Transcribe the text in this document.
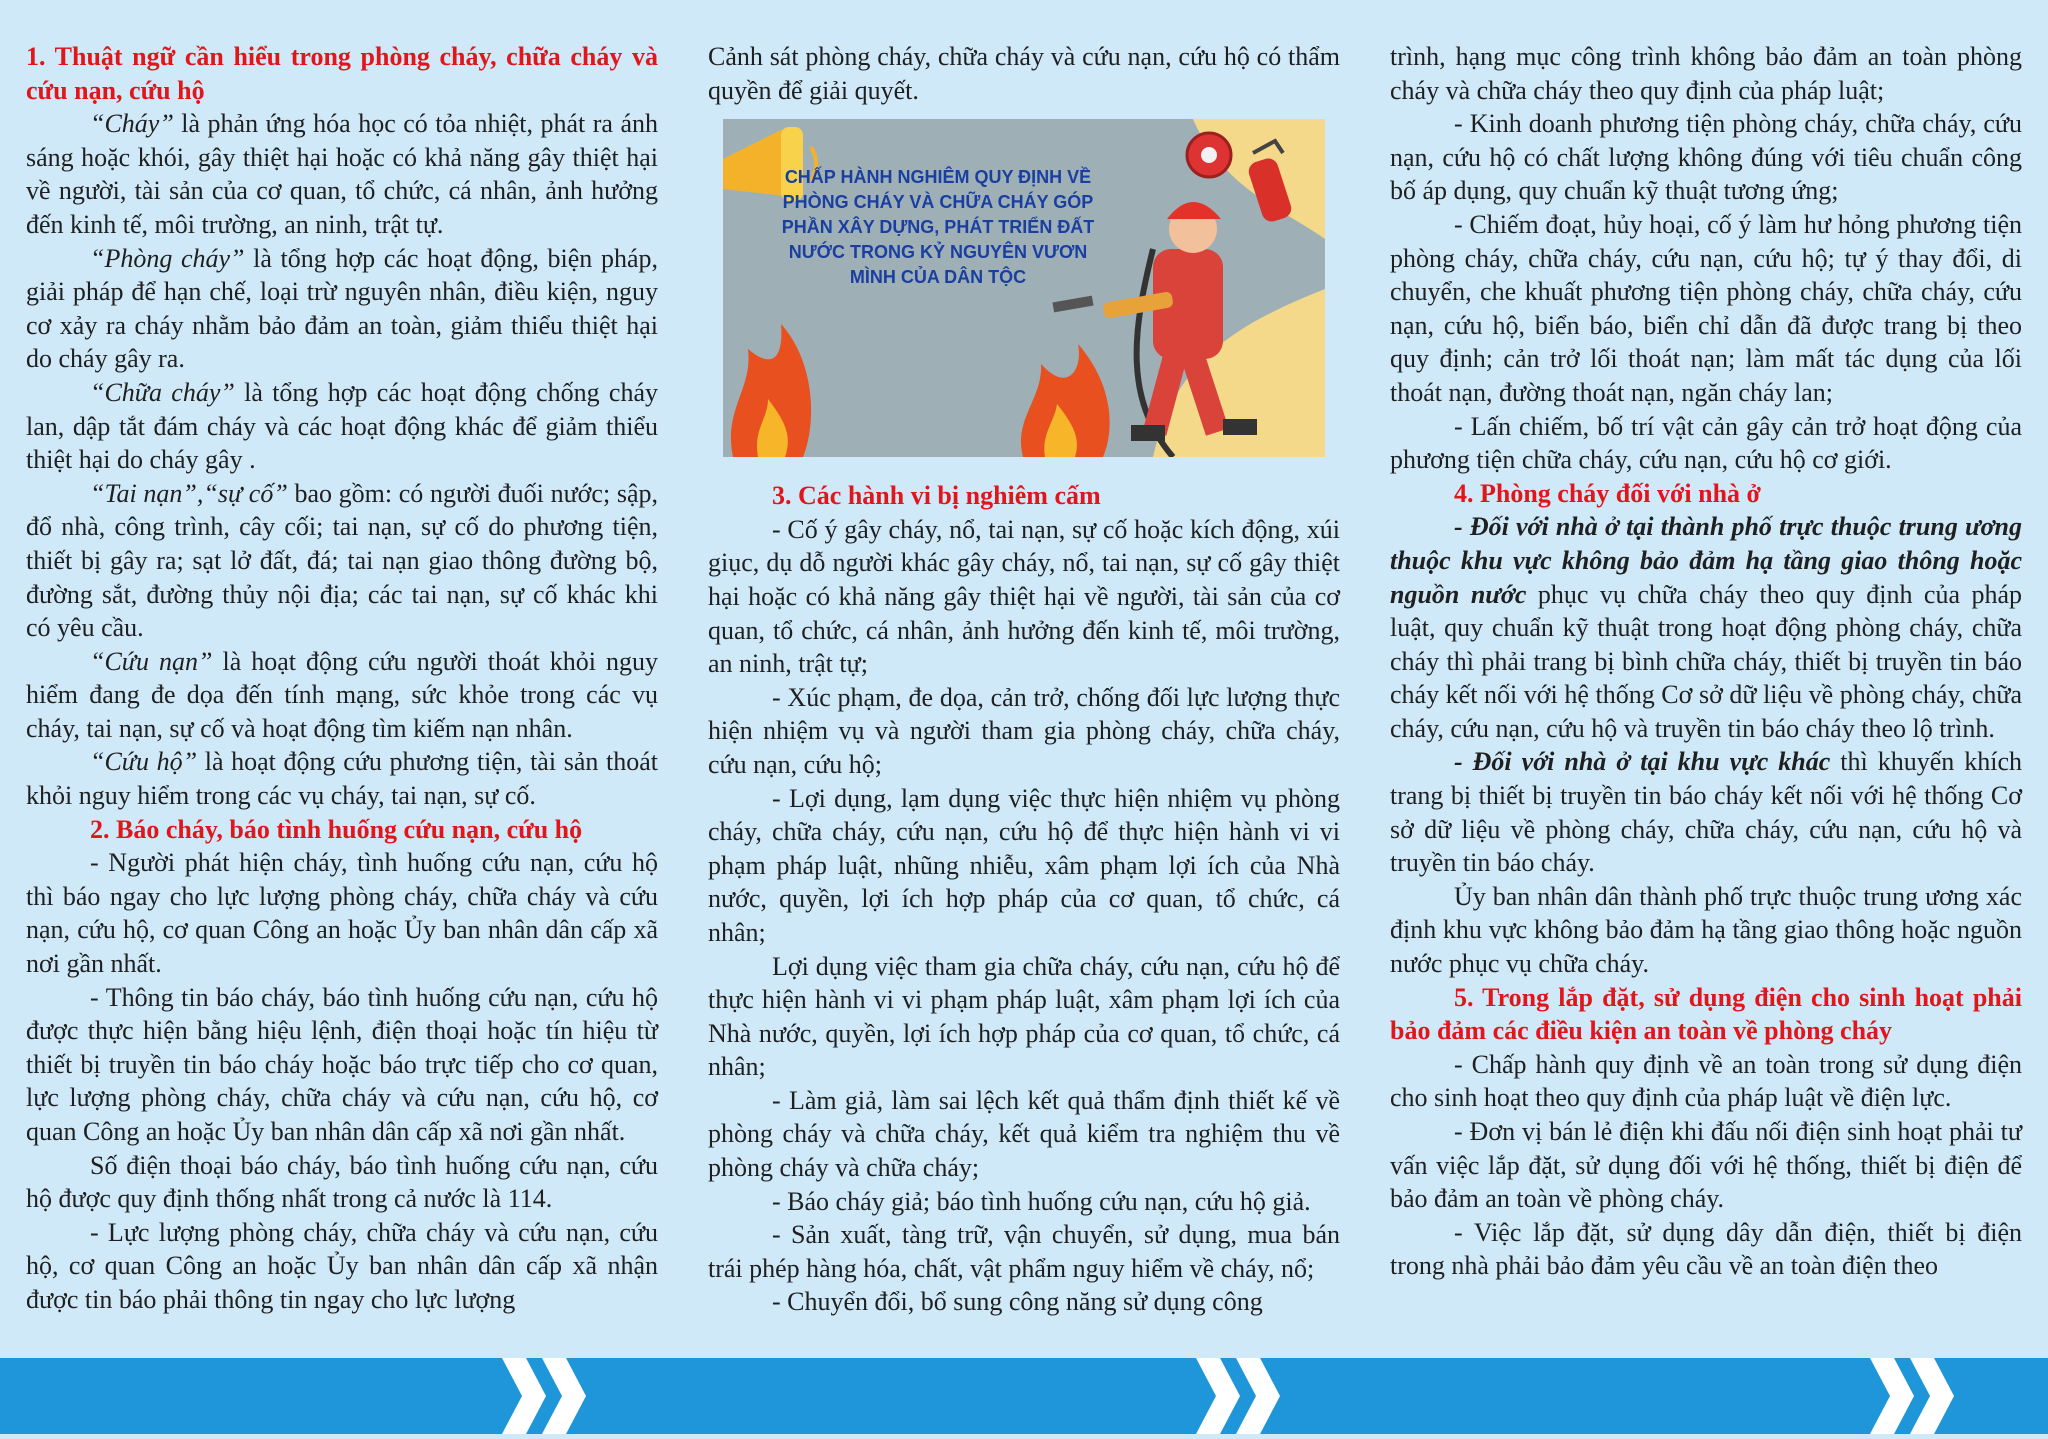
1. Thuật ngữ cần hiểu trong phòng cháy, chữa cháy và cứu nạn, cứu hộ

“Cháy” là phản ứng hóa học có tỏa nhiệt, phát ra ánh sáng hoặc khói, gây thiệt hại hoặc có khả năng gây thiệt hại về người, tài sản của cơ quan, tổ chức, cá nhân, ảnh hưởng đến kinh tế, môi trường, an ninh, trật tự.

“Phòng cháy” là tổng hợp các hoạt động, biện pháp, giải pháp để hạn chế, loại trừ nguyên nhân, điều kiện, nguy cơ xảy ra cháy nhằm bảo đảm an toàn, giảm thiểu thiệt hại do cháy gây ra.

“Chữa cháy” là tổng hợp các hoạt động chống cháy lan, dập tắt đám cháy và các hoạt động khác để giảm thiểu thiệt hại do cháy gây .

“Tai nạn”,“sự cố” bao gồm: có người đuối nước; sập, đổ nhà, công trình, cây cối; tai nạn, sự cố do phương tiện, thiết bị gây ra; sạt lở đất, đá; tai nạn giao thông đường bộ, đường sắt, đường thủy nội địa; các tai nạn, sự cố khác khi có yêu cầu.

“Cứu nạn” là hoạt động cứu người thoát khỏi nguy hiểm đang đe dọa đến tính mạng, sức khỏe trong các vụ cháy, tai nạn, sự cố và hoạt động tìm kiếm nạn nhân.

“Cứu hộ” là hoạt động cứu phương tiện, tài sản thoát khỏi nguy hiểm trong các vụ cháy, tai nạn, sự cố.

2. Báo cháy, báo tình huống cứu nạn, cứu hộ

- Người phát hiện cháy, tình huống cứu nạn, cứu hộ thì báo ngay cho lực lượng phòng cháy, chữa cháy và cứu nạn, cứu hộ, cơ quan Công an hoặc Ủy ban nhân dân cấp xã nơi gần nhất.

- Thông tin báo cháy, báo tình huống cứu nạn, cứu hộ được thực hiện bằng hiệu lệnh, điện thoại hoặc tín hiệu từ thiết bị truyền tin báo cháy hoặc báo trực tiếp cho cơ quan, lực lượng phòng cháy, chữa cháy và cứu nạn, cứu hộ, cơ quan Công an hoặc Ủy ban nhân dân cấp xã nơi gần nhất.

Số điện thoại báo cháy, báo tình huống cứu nạn, cứu hộ được quy định thống nhất trong cả nước là 114.

- Lực lượng phòng cháy, chữa cháy và cứu nạn, cứu hộ, cơ quan Công an hoặc Ủy ban nhân dân cấp xã nhận được tin báo phải thông tin ngay cho lực lượng

Cảnh sát phòng cháy, chữa cháy và cứu nạn, cứu hộ có thẩm quyền để giải quyết.

CHẤP HÀNH NGHIÊM QUY ĐỊNH VỀ PHÒNG CHÁY VÀ CHỮA CHÁY GÓP PHẦN XÂY DỰNG, PHÁT TRIỂN ĐẤT NƯỚC TRONG KỶ NGUYÊN VƯƠN MÌNH CỦA DÂN TỘC

3. Các hành vi bị nghiêm cấm

- Cố ý gây cháy, nổ, tai nạn, sự cố hoặc kích động, xúi giục, dụ dỗ người khác gây cháy, nổ, tai nạn, sự cố gây thiệt hại hoặc có khả năng gây thiệt hại về người, tài sản của cơ quan, tổ chức, cá nhân, ảnh hưởng đến kinh tế, môi trường, an ninh, trật tự;

- Xúc phạm, đe dọa, cản trở, chống đối lực lượng thực hiện nhiệm vụ và người tham gia phòng cháy, chữa cháy, cứu nạn, cứu hộ;

- Lợi dụng, lạm dụng việc thực hiện nhiệm vụ phòng cháy, chữa cháy, cứu nạn, cứu hộ để thực hiện hành vi vi phạm pháp luật, nhũng nhiễu, xâm phạm lợi ích của Nhà nước, quyền, lợi ích hợp pháp của cơ quan, tổ chức, cá nhân;

Lợi dụng việc tham gia chữa cháy, cứu nạn, cứu hộ để thực hiện hành vi vi phạm pháp luật, xâm phạm lợi ích của Nhà nước, quyền, lợi ích hợp pháp của cơ quan, tổ chức, cá nhân;

- Làm giả, làm sai lệch kết quả thẩm định thiết kế về phòng cháy và chữa cháy, kết quả kiểm tra nghiệm thu về phòng cháy và chữa cháy;

- Báo cháy giả; báo tình huống cứu nạn, cứu hộ giả.

- Sản xuất, tàng trữ, vận chuyển, sử dụng, mua bán trái phép hàng hóa, chất, vật phẩm nguy hiểm về cháy, nổ;

- Chuyển đổi, bổ sung công năng sử dụng công

trình, hạng mục công trình không bảo đảm an toàn phòng cháy và chữa cháy theo quy định của pháp luật;

- Kinh doanh phương tiện phòng cháy, chữa cháy, cứu nạn, cứu hộ có chất lượng không đúng với tiêu chuẩn công bố áp dụng, quy chuẩn kỹ thuật tương ứng;

- Chiếm đoạt, hủy hoại, cố ý làm hư hỏng phương tiện phòng cháy, chữa cháy, cứu nạn, cứu hộ; tự ý thay đổi, di chuyển, che khuất phương tiện phòng cháy, chữa cháy, cứu nạn, cứu hộ, biển báo, biển chỉ dẫn đã được trang bị theo quy định; cản trở lối thoát nạn; làm mất tác dụng của lối thoát nạn, đường thoát nạn, ngăn cháy lan;

- Lấn chiếm, bố trí vật cản gây cản trở hoạt động của phương tiện chữa cháy, cứu nạn, cứu hộ cơ giới.

4. Phòng cháy đối với nhà ở

- Đối với nhà ở tại thành phố trực thuộc trung ương thuộc khu vực không bảo đảm hạ tầng giao thông hoặc nguồn nước phục vụ chữa cháy theo quy định của pháp luật, quy chuẩn kỹ thuật trong hoạt động phòng cháy, chữa cháy thì phải trang bị bình chữa cháy, thiết bị truyền tin báo cháy kết nối với hệ thống Cơ sở dữ liệu về phòng cháy, chữa cháy, cứu nạn, cứu hộ và truyền tin báo cháy theo lộ trình.

- Đối với nhà ở tại khu vực khác thì khuyến khích trang bị thiết bị truyền tin báo cháy kết nối với hệ thống Cơ sở dữ liệu về phòng cháy, chữa cháy, cứu nạn, cứu hộ và truyền tin báo cháy.

Ủy ban nhân dân thành phố trực thuộc trung ương xác định khu vực không bảo đảm hạ tầng giao thông hoặc nguồn nước phục vụ chữa cháy.

5. Trong lắp đặt, sử dụng điện cho sinh hoạt phải bảo đảm các điều kiện an toàn về phòng cháy

- Chấp hành quy định về an toàn trong sử dụng điện cho sinh hoạt theo quy định của pháp luật về điện lực.

- Đơn vị bán lẻ điện khi đấu nối điện sinh hoạt phải tư vấn việc lắp đặt, sử dụng đối với hệ thống, thiết bị điện để bảo đảm an toàn về phòng cháy.

- Việc lắp đặt, sử dụng dây dẫn điện, thiết bị điện trong nhà phải bảo đảm yêu cầu về an toàn điện theo
